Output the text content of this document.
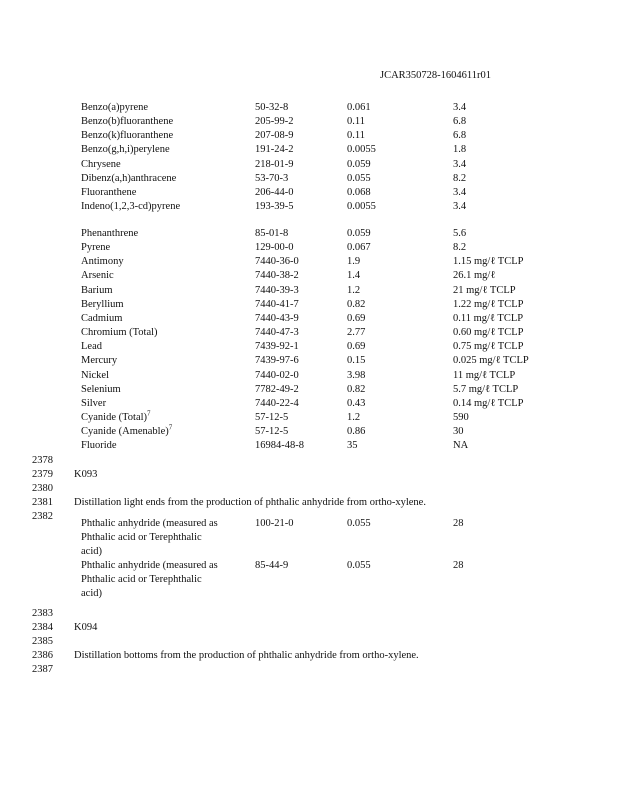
JCAR350728-1604611r01
Benzo(a)pyrene	50-32-8	0.061	3.4
Benzo(b)fluoranthene	205-99-2	0.11	6.8
Benzo(k)fluoranthene	207-08-9	0.11	6.8
Benzo(g,h,i)perylene	191-24-2	0.0055	1.8
Chrysene	218-01-9	0.059	3.4
Dibenz(a,h)anthracene	53-70-3	0.055	8.2
Fluoranthene	206-44-0	0.068	3.4
Indeno(1,2,3-cd)pyrene	193-39-5	0.0055	3.4
Phenanthrene	85-01-8	0.059	5.6
Pyrene	129-00-0	0.067	8.2
Antimony	7440-36-0	1.9	1.15 mg/ℓ TCLP
Arsenic	7440-38-2	1.4	26.1 mg/ℓ
Barium	7440-39-3	1.2	21 mg/ℓ TCLP
Beryllium	7440-41-7	0.82	1.22 mg/ℓ TCLP
Cadmium	7440-43-9	0.69	0.11 mg/ℓ TCLP
Chromium (Total)	7440-47-3	2.77	0.60 mg/ℓ TCLP
Lead	7439-92-1	0.69	0.75 mg/ℓ TCLP
Mercury	7439-97-6	0.15	0.025 mg/ℓ TCLP
Nickel	7440-02-0	3.98	11 mg/ℓ TCLP
Selenium	7782-49-2	0.82	5.7 mg/ℓ TCLP
Silver	7440-22-4	0.43	0.14 mg/ℓ TCLP
Cyanide (Total)$^7$	57-12-5	1.2	590
Cyanide (Amenable)$^7$	57-12-5	0.86	30
Fluoride	16984-48-8	35	NA
2378
2379 K093
2380
2381 Distillation light ends from the production of phthalic anhydride from ortho-xylene.
2382
Phthalic anhydride (measured as
Phthalic acid or Terephthalic
acid)
100-21-0	0.055	28
Phthalic anhydride (measured as
Phthalic acid or Terephthalic
acid)
85-44-9	0.055	28
2383
2384 K094
2385
2386 Distillation bottoms from the production of phthalic anhydride from ortho-xylene.
2387
